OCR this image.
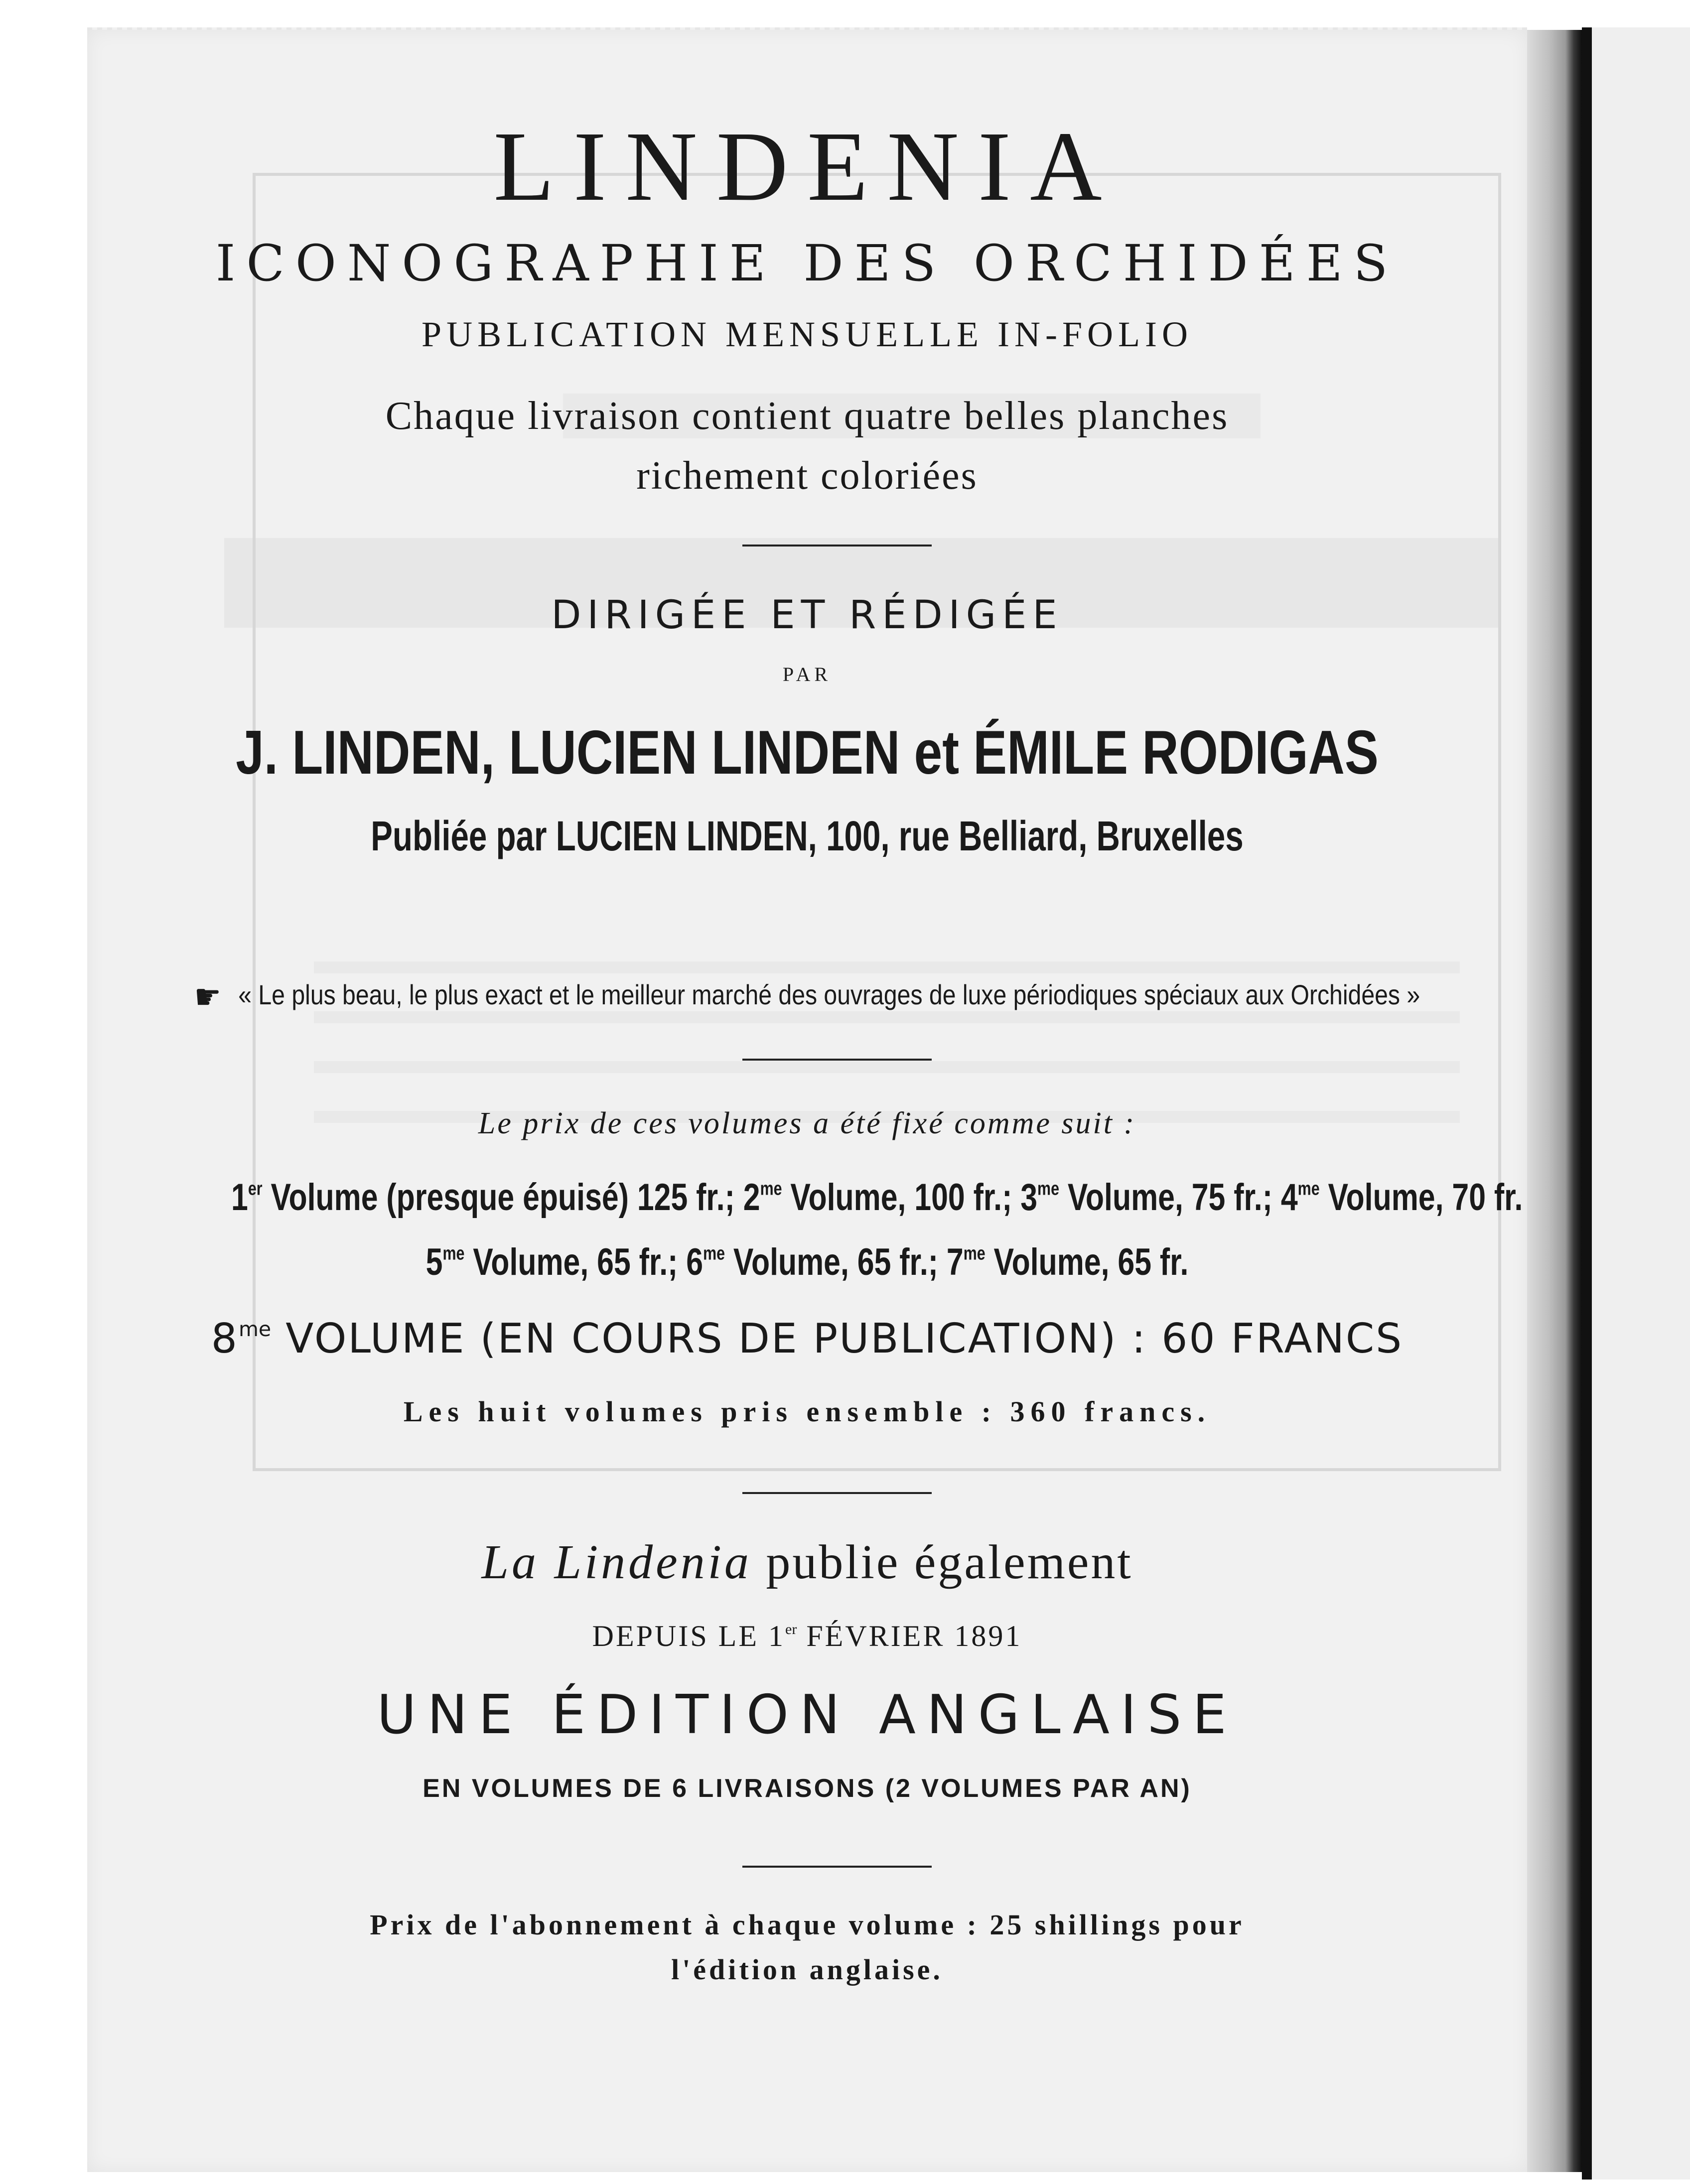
LINDENIA
ICONOGRAPHIE DES ORCHIDÉES
PUBLICATION MENSUELLE IN-FOLIO
Chaque livraison contient quatre belles planches
richement coloriées
DIRIGÉE ET RÉDIGÉE
PAR
J. LINDEN, LUCIEN LINDEN et ÉMILE RODIGAS
Publiée par LUCIEN LINDEN, 100, rue Belliard, Bruxelles
☛ « Le plus beau, le plus exact et le meilleur marché des ouvrages de luxe périodiques spéciaux aux Orchidées »
Le prix de ces volumes a été fixé comme suit :
1er Volume (presque épuisé) 125 fr.; $2^{me}$ Volume, 100 fr.; $3^{me}$ Volume, 75 fr.; $4^{me}$ Volume, 70 fr.
$5^{me}$ Volume, 65 fr.; $6^{me}$ Volume, 65 fr.; $7^{me}$ Volume, 65 fr.
$8^{me}$ VOLUME (EN COURS DE PUBLICATION) : 60 FRANCS
Les huit volumes pris ensemble : 360 francs.
La Lindenia publie également
DEPUIS LE 1er FÉVRIER 1891
UNE ÉDITION ANGLAISE
EN VOLUMES DE 6 LIVRAISONS (2 VOLUMES PAR AN)
Prix de l'abonnement à chaque volume : 25 shillings pour
l'édition anglaise.
